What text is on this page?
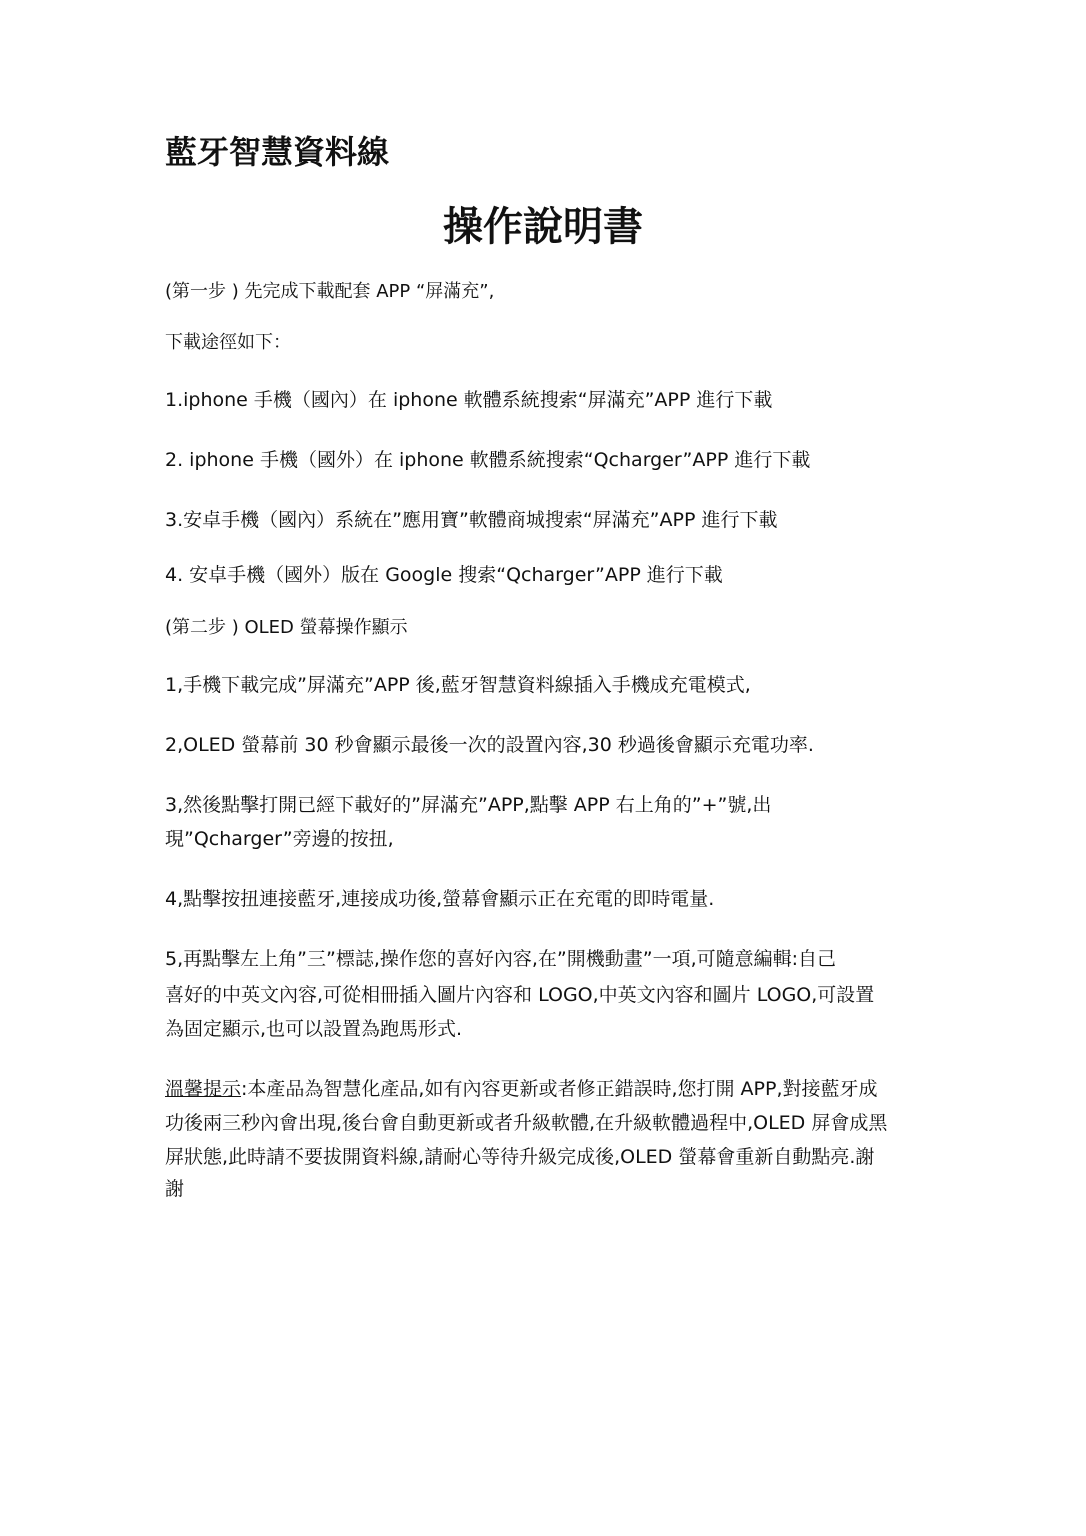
藍牙智慧資料線
操作說明書
(第一步 ) 先完成下載配套 APP “屏滿充”,
下載途徑如下：
1.iphone 手機（國內）在 iphone 軟體系統搜索“屏滿充”APP 進行下載
2. iphone 手機（國外）在 iphone 軟體系統搜索“Qcharger”APP 進行下載
3.安卓手機（國內）系統在”應用寶”軟體商城搜索“屏滿充”APP 進行下載
4. 安卓手機（國外）版在 Google 搜索“Qcharger”APP 進行下載
(第二步 ) OLED 螢幕操作顯示
1,手機下載完成”屏滿充”APP 後,藍牙智慧資料線插入手機成充電模式,
2,OLED 螢幕前 30 秒會顯示最後一次的設置內容,30 秒過後會顯示充電功率.
3,然後點擊打開已經下載好的”屏滿充”APP,點擊 APP 右上角的”+”號,出
現”Qcharger”旁邊的按扭,
4,點擊按扭連接藍牙,連接成功後,螢幕會顯示正在充電的即時電量.
5,再點擊左上角”三”標誌,操作您的喜好內容,在”開機動畫”一項,可隨意編輯:自己
喜好的中英文內容,可從相冊插入圖片內容和 LOGO,中英文內容和圖片 LOGO,可設置
為固定顯示,也可以設置為跑馬形式.
溫馨提示:本產品為智慧化產品,如有內容更新或者修正錯誤時,您打開 APP,對接藍牙成
功後兩三秒內會出現,後台會自動更新或者升級軟體,在升級軟體過程中,OLED 屏會成黑
屏狀態,此時請不要拔開資料線,請耐心等待升級完成後,OLED 螢幕會重新自動點亮.謝
謝
